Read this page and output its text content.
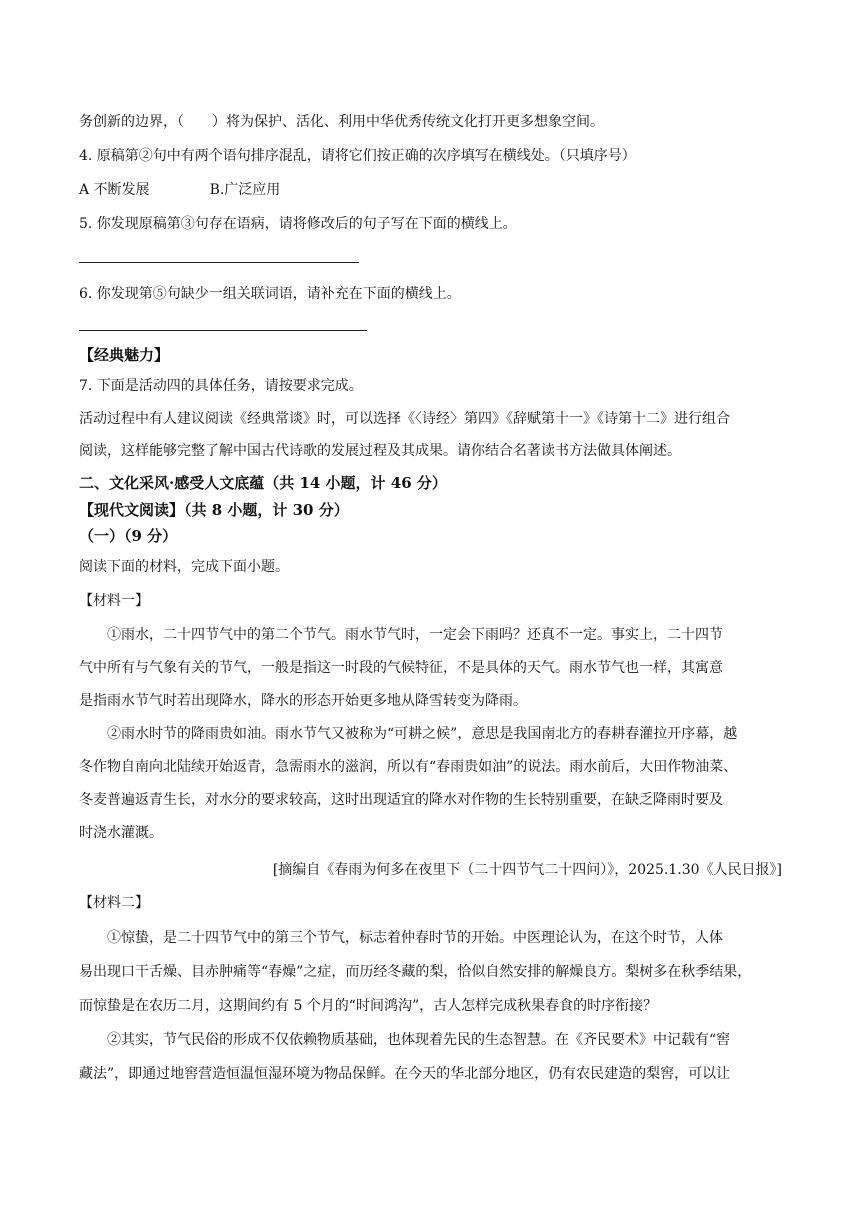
务创新的边界，（　　）将为保护、活化、利用中华优秀传统文化打开更多想象空间。
4. 原稿第②句中有两个语句排序混乱，请将它们按正确的次序填写在横线处。（只填序号）
A 不断发展	B.广泛应用
5. 你发现原稿第③句存在语病，请将修改后的句子写在下面的横线上。
6. 你发现第⑤句缺少一组关联词语，请补充在下面的横线上。
【经典魅力】
7. 下面是活动四的具体任务，请按要求完成。
活动过程中有人建议阅读《经典常谈》时，可以选择《〈诗经〉第四》《辞赋第十一》《诗第十二》进行组合
阅读，这样能够完整了解中国古代诗歌的发展过程及其成果。请你结合名著读书方法做具体阐述。
二、文化采风·感受人文底蕴（共 14 小题，计 46 分）
【现代文阅读】（共 8 小题，计 30 分）
（一）（9 分）
阅读下面的材料，完成下面小题。
【材料一】
①雨水，二十四节气中的第二个节气。雨水节气时，一定会下雨吗？还真不一定。事实上，二十四节
气中所有与气象有关的节气，一般是指这一时段的气候特征，不是具体的天气。雨水节气也一样，其寓意
是指雨水节气时若出现降水，降水的形态开始更多地从降雪转变为降雨。
②雨水时节的降雨贵如油。雨水节气又被称为“可耕之候”，意思是我国南北方的春耕春灌拉开序幕，越
冬作物自南向北陆续开始返青，急需雨水的滋润，所以有“春雨贵如油”的说法。雨水前后，大田作物油菜、
冬麦普遍返青生长，对水分的要求较高，这时出现适宜的降水对作物的生长特别重要，在缺乏降雨时要及
时浇水灌溉。
[摘编自《春雨为何多在夜里下（二十四节气二十四问）》，2025.1.30《人民日报》]
【材料二】
①惊蛰，是二十四节气中的第三个节气，标志着仲春时节的开始。中医理论认为，在这个时节，人体
易出现口干舌燥、目赤肿痛等“春燥”之症，而历经冬藏的梨，恰似自然安排的解燥良方。梨树多在秋季结果，
而惊蛰是在农历二月，这期间约有 5 个月的“时间鸿沟”，古人怎样完成秋果春食的时序衔接？
②其实，节气民俗的形成不仅依赖物质基础，也体现着先民的生态智慧。在《齐民要术》中记载有“窖
藏法”，即通过地窖营造恒温恒湿环境为物品保鲜。在今天的华北部分地区，仍有农民建造的梨窖，可以让
